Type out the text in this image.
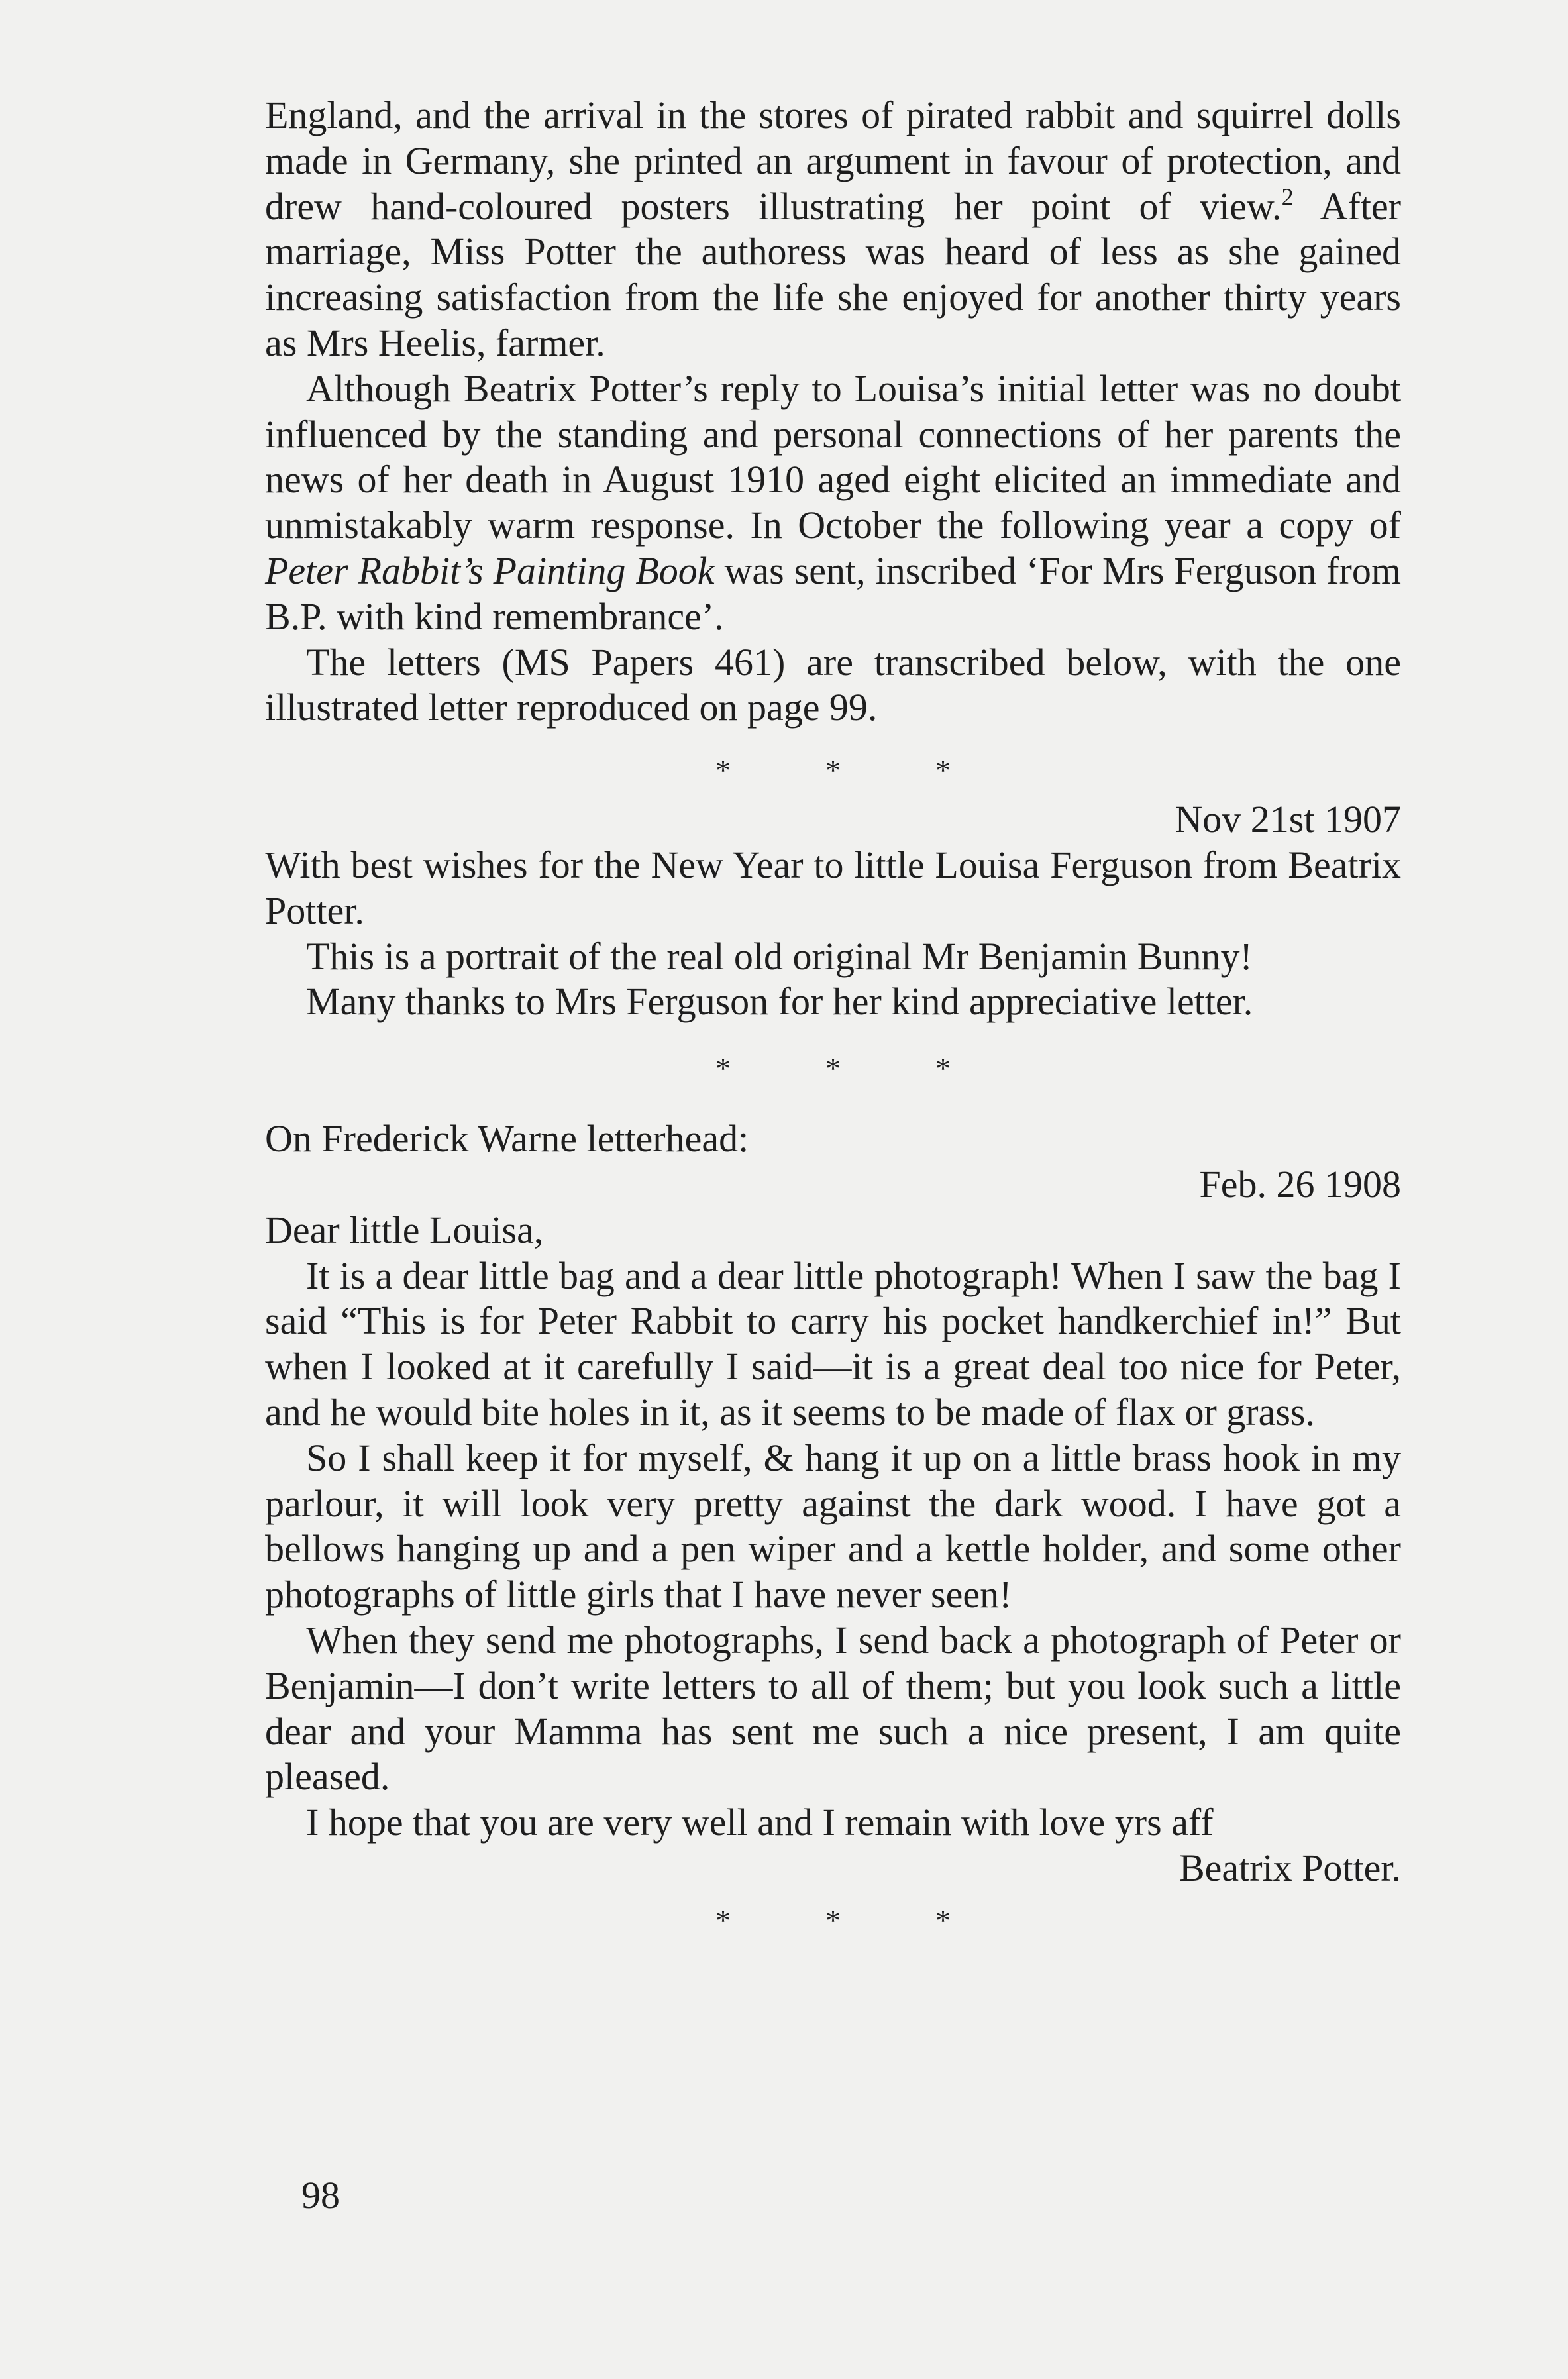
England, and the arrival in the stores of pirated rabbit and squirrel dolls made in Germany, she printed an argument in favour of protection, and drew hand-coloured posters illustrating her point of view.$^2$ After marriage, Miss Potter the authoress was heard of less as she gained increasing satisfaction from the life she enjoyed for another thirty years as Mrs Heelis, farmer.

Although Beatrix Potter’s reply to Louisa’s initial letter was no doubt influenced by the standing and personal connections of her parents the news of her death in August 1910 aged eight elicited an immediate and unmistakably warm response. In October the following year a copy of Peter Rabbit’s Painting Book was sent, inscribed ‘For Mrs Ferguson from B.P. with kind remembrance’.

The letters (MS Papers 461) are transcribed below, with the one illustrated letter reproduced on page 99.

*	*	*

Nov 21st 1907

With best wishes for the New Year to little Louisa Ferguson from Beatrix Potter.

This is a portrait of the real old original Mr Benjamin Bunny!

Many thanks to Mrs Ferguson for her kind appreciative letter.

*	*	*

On Frederick Warne letterhead:

Feb. 26 1908

Dear little Louisa,

It is a dear little bag and a dear little photograph! When I saw the bag I said “This is for Peter Rabbit to carry his pocket handkerchief in!” But when I looked at it carefully I said—it is a great deal too nice for Peter, and he would bite holes in it, as it seems to be made of flax or grass.

So I shall keep it for myself, & hang it up on a little brass hook in my parlour, it will look very pretty against the dark wood. I have got a bellows hanging up and a pen wiper and a kettle holder, and some other photographs of little girls that I have never seen!

When they send me photographs, I send back a photograph of Peter or Benjamin—I don’t write letters to all of them; but you look such a little dear and your Mamma has sent me such a nice present, I am quite pleased.

I hope that you are very well and I remain with love yrs aff

Beatrix Potter.

*	*	*

98
